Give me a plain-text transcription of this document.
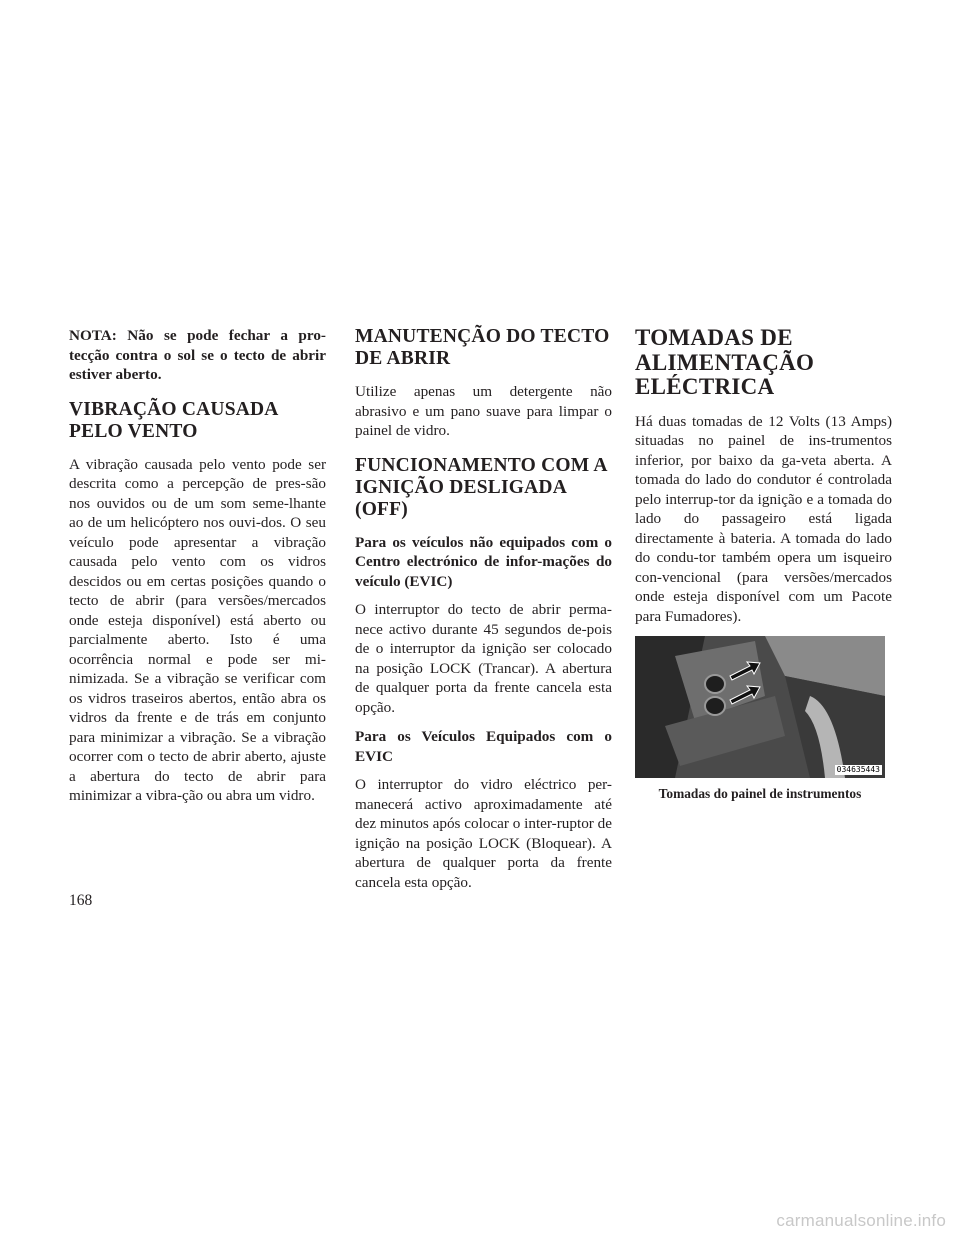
NOTA: Não se pode fechar a pro-tecção contra o sol se o tecto de abrir estiver aberto.

VIBRAÇÃO CAUSADA
PELO VENTO

A vibração causada pelo vento pode ser descrita como a percepção de pres-são nos ouvidos ou de um som seme-lhante ao de um helicóptero nos ouvi-dos. O seu veículo pode apresentar a vibração causada pelo vento com os vidros descidos ou em certas posições quando o tecto de abrir (para versões/mercados onde esteja disponível) está aberto ou parcialmente aberto. Isto é uma ocorrência normal e pode ser mi-nimizada. Se a vibração se verificar com os vidros traseiros abertos, então abra os vidros da frente e de trás em conjunto para minimizar a vibração. Se a vibração ocorrer com o tecto de abrir aberto, ajuste a abertura do tecto de abrir para minimizar a vibra-ção ou abra um vidro.

MANUTENÇÃO DO TECTO
DE ABRIR

Utilize apenas um detergente não abrasivo e um pano suave para limpar o painel de vidro.

FUNCIONAMENTO COM A
IGNIÇÃO DESLIGADA
(OFF)

Para os veículos não equipados com o Centro electrónico de infor-mações do veículo (EVIC)

O interruptor do tecto de abrir perma-nece activo durante 45 segundos de-pois de o interruptor da ignição ser colocado na posição LOCK (Trancar). A abertura de qualquer porta da frente cancela esta opção.

Para os Veículos Equipados com o EVIC

O interruptor do vidro eléctrico per-manecerá activo aproximadamente até dez minutos após colocar o inter-ruptor de ignição na posição LOCK (Bloquear). A abertura de qualquer porta da frente cancela esta opção.

TOMADAS DE
ALIMENTAÇÃO
ELÉCTRICA

Há duas tomadas de 12 Volts (13 Amps) situadas no painel de ins-trumentos inferior, por baixo da ga-veta aberta. A tomada do lado do condutor é controlada pelo interrup-tor da ignição e a tomada do lado do passageiro está ligada directamente à bateria. A tomada do lado do condu-tor também opera um isqueiro con-vencional (para versões/mercados onde esteja disponível com um Pacote para Fumadores).

034635443
Tomadas do painel de instrumentos
168
carmanualsonline.info
